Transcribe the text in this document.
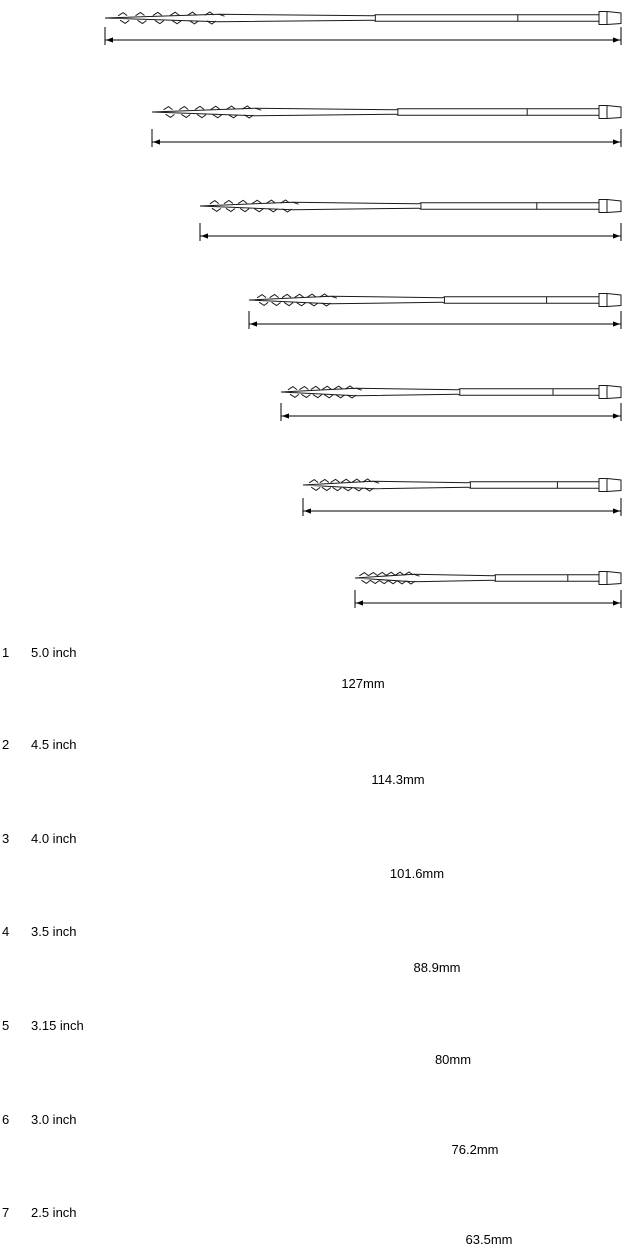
1 5.0 inch
127mm
2 4.5 inch
114.3mm
3 4.0 inch
101.6mm
4 3.5 inch
88.9mm
5 3.15 inch
80mm
6 3.0 inch
76.2mm
7 2.5 inch
63.5mm
